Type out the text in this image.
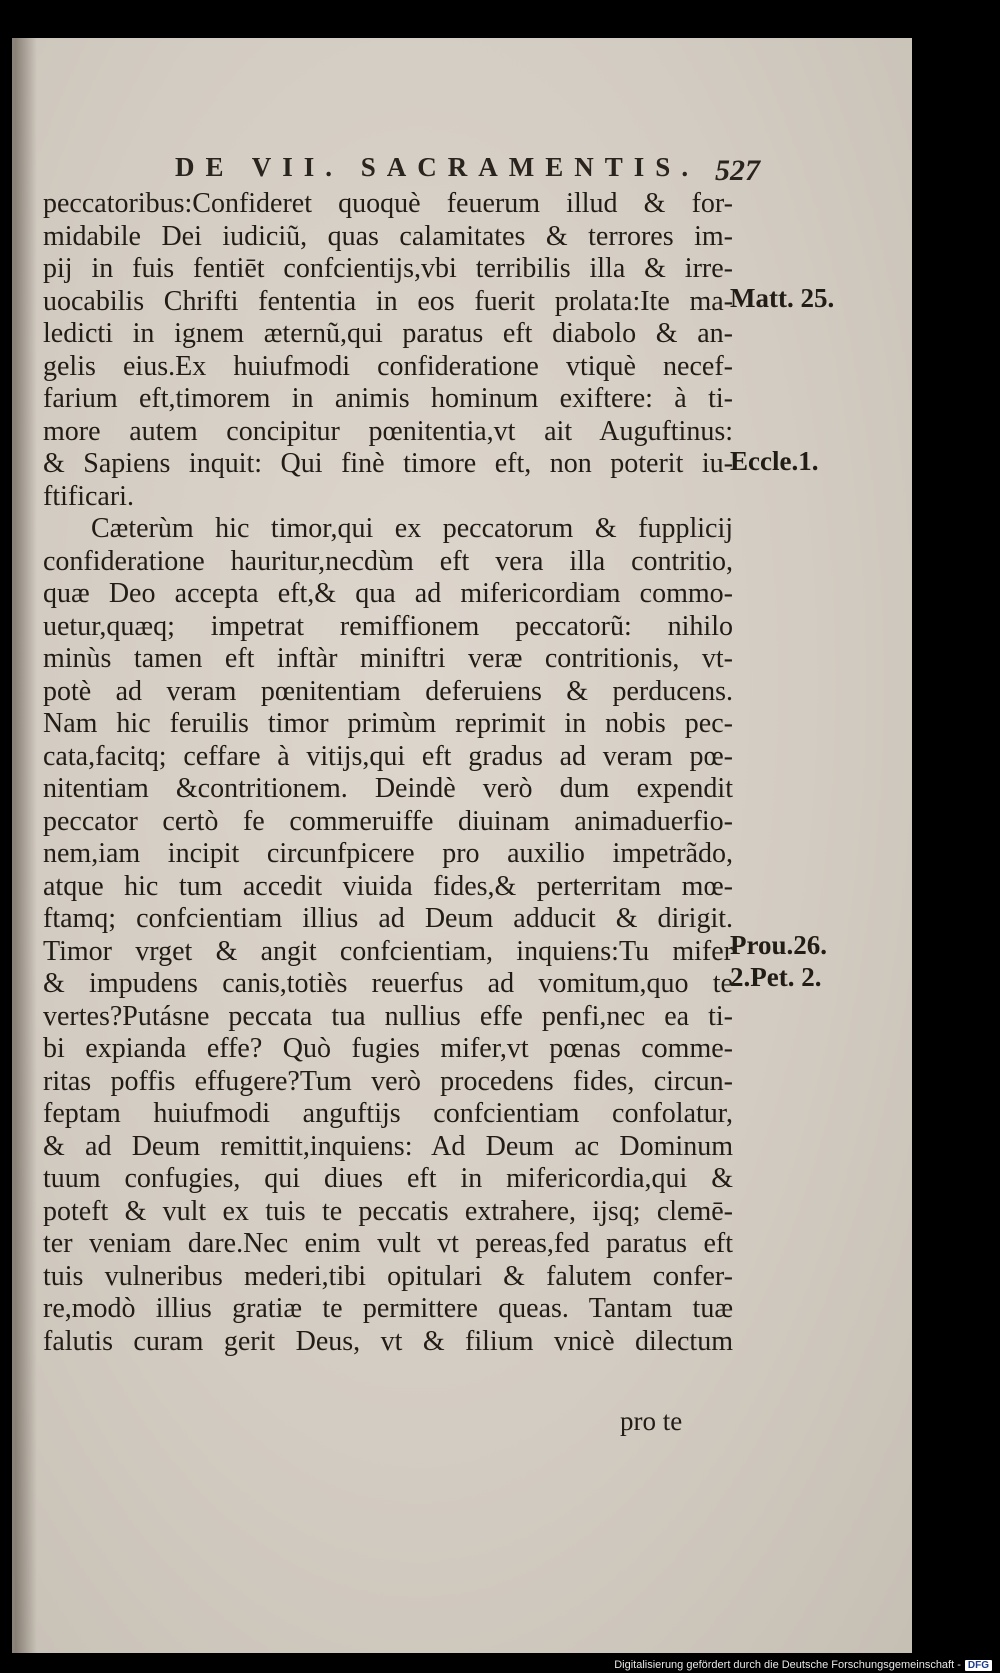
DE VII. SACRAMENTIS. 527
peccatoribus:Confideret quoquè feuerum illud & for-
midabile Dei iudiciũ, quas calamitates & terrores im-
pij in fuis fentiēt confcientijs,vbi terribilis illa & irre-
uocabilis Chrifti fententia in eos fuerit prolata:Ite ma-
ledicti in ignem æternũ,qui paratus eft diabolo & an-
gelis eius.Ex huiufmodi confideratione vtiquè necef-
farium eft,timorem in animis hominum exiftere: à ti-
more autem concipitur pœnitentia,vt ait Auguftinus:
& Sapiens inquit: Qui finè timore eft, non poterit iu-
ftificari.
Cæterùm hic timor,qui ex peccatorum & fupplicij
confideratione hauritur,necdùm eft vera illa contritio,
quæ Deo accepta eft,& qua ad mifericordiam commo-
uetur,quæq; impetrat remiffionem peccatorũ: nihilo
minùs tamen eft inftàr miniftri veræ contritionis, vt-
potè ad veram pœnitentiam deferuiens & perducens.
Nam hic feruilis timor primùm reprimit in nobis pec-
cata,facitq; ceffare à vitijs,qui eft gradus ad veram pœ-
nitentiam &contritionem. Deindè verò dum expendit
peccator certò fe commeruiffe diuinam animaduerfio-
nem,iam incipit circunfpicere pro auxilio impetrãdo,
atque hic tum accedit viuida fides,& perterritam mœ-
ftamq; confcientiam illius ad Deum adducit & dirigit.
Timor vrget & angit confcientiam, inquiens:Tu mifer
& impudens canis,totiès reuerfus ad vomitum,quo te
vertes?Putásne peccata tua nullius effe penfi,nec ea ti-
bi expianda effe? Quò fugies mifer,vt pœnas comme-
ritas poffis effugere?Tum verò procedens fides, circun-
feptam huiufmodi anguftijs confcientiam confolatur,
& ad Deum remittit,inquiens: Ad Deum ac Dominum
tuum confugies, qui diues eft in mifericordia,qui &
poteft & vult ex tuis te peccatis extrahere, ijsq; clemē-
ter veniam dare.Nec enim vult vt pereas,fed paratus eft
tuis vulneribus mederi,tibi opitulari & falutem confer-
re,modò illius gratiæ te permittere queas. Tantam tuæ
falutis curam gerit Deus, vt & filium vnicè dilectum
Matt. 25.
Eccle.1.
Prou.26.
2.Pet. 2.
pro te
Digitalisierung gefördert durch die Deutsche Forschungsgemeinschaft - DFG
